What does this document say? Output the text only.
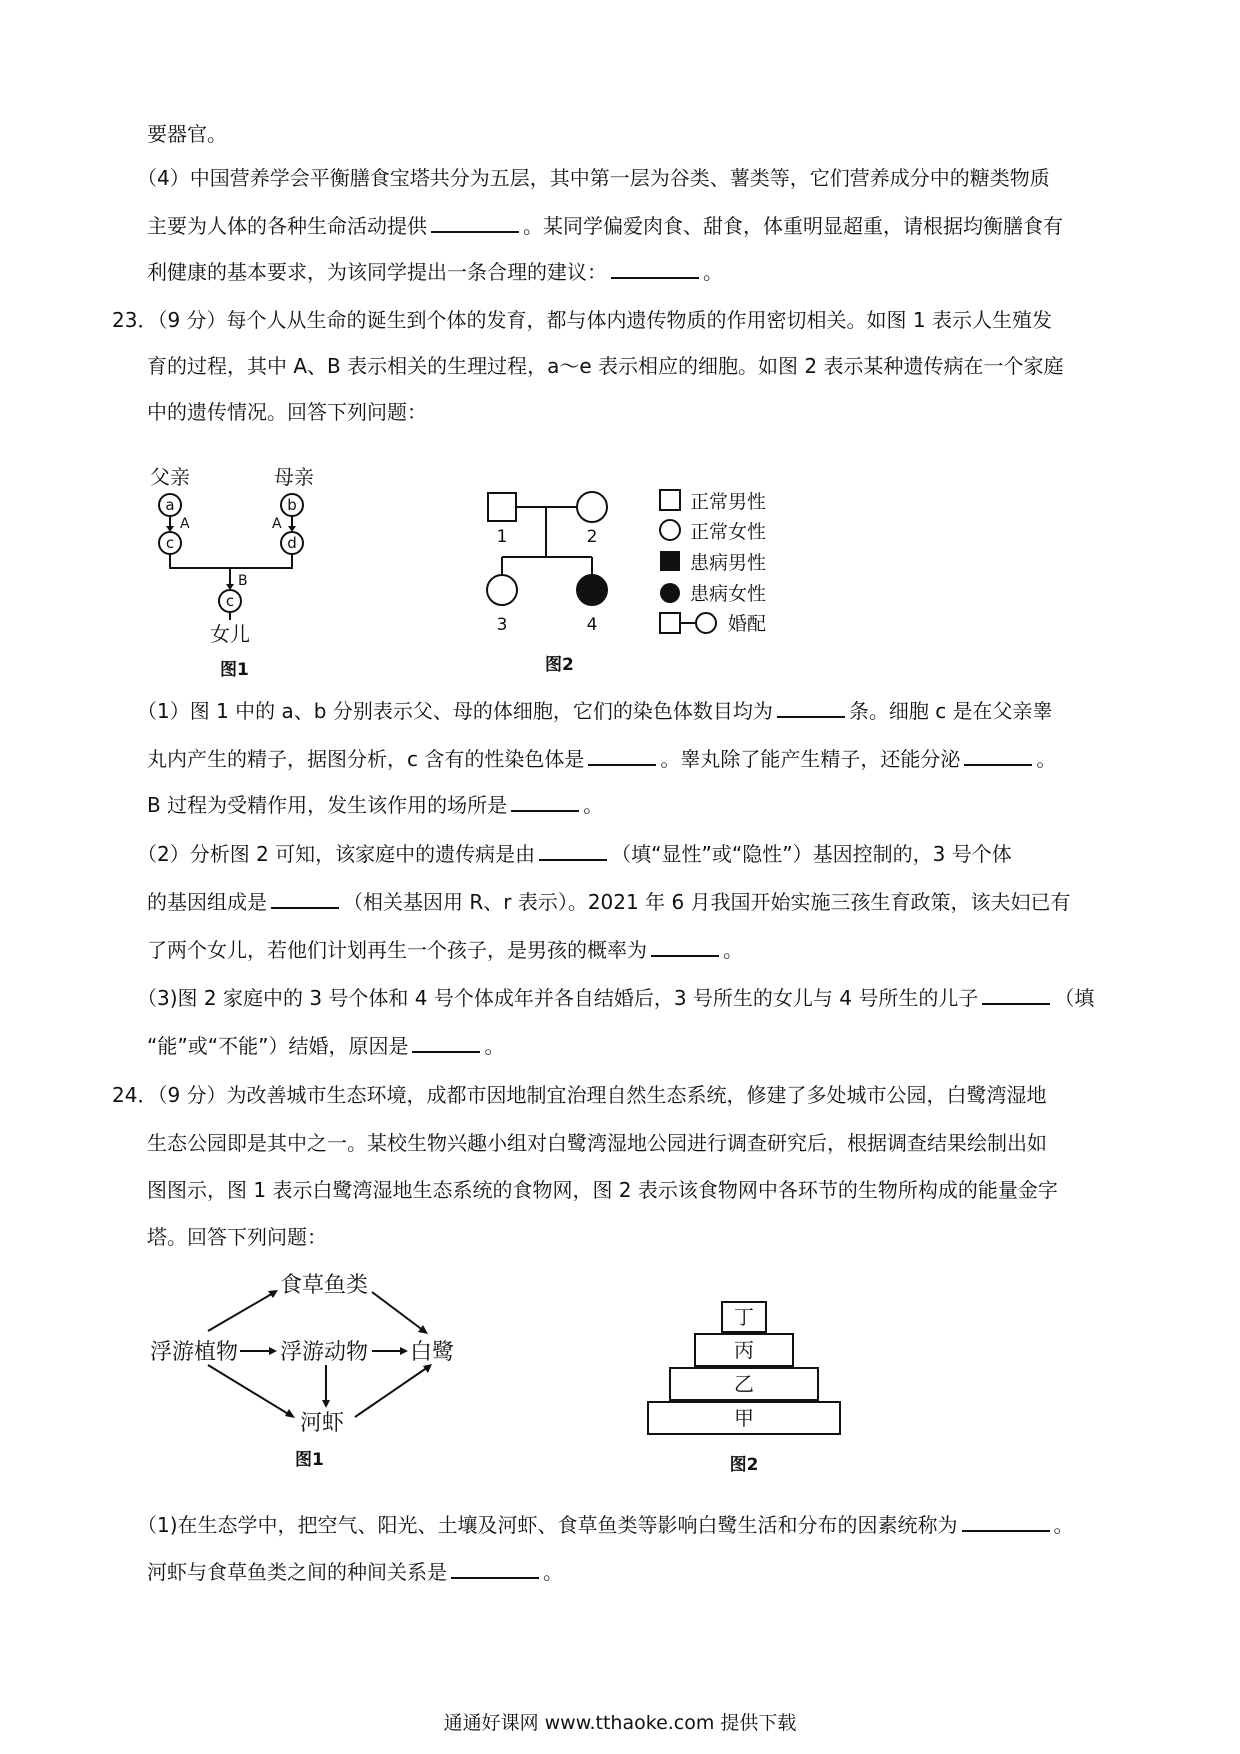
要器官。
（4）中国营养学会平衡膳食宝塔共分为五层，其中第一层为谷类、薯类等，它们营养成分中的糖类物质
主要为人体的各种生命活动提供	。某同学偏爱肉食、甜食，体重明显超重，请根据均衡膳食有
利健康的基本要求，为该同学提出一条合理的建议：	。
23．（9 分）每个人从生命的诞生到个体的发育，都与体内遗传物质的作用密切相关。如图 1 表示人生殖发
育的过程，其中 A、B 表示相关的生理过程，a～e 表示相应的细胞。如图 2 表示某种遗传病在一个家庭
中的遗传情况。回答下列问题：
父亲	母亲
a
A
c
b
A
d
B
c
女儿
图1
1	2
3	4
图2
正常男性
正常女性
患病男性
患病女性
婚配
（1）图 1 中的 a、b 分别表示父、母的体细胞，它们的染色体数目均为	条。细胞 c 是在父亲睾
丸内产生的精子，据图分析，c 含有的性染色体是	。睾丸除了能产生精子，还能分泌	。
B 过程为受精作用，发生该作用的场所是	。
（2）分析图 2 可知，该家庭中的遗传病是由	（填“显性”或“隐性”）基因控制的，3 号个体
的基因组成是	（相关基因用 R、r 表示）。2021 年 6 月我国开始实施三孩生育政策，该夫妇已有
了两个女儿，若他们计划再生一个孩子，是男孩的概率为	。
（3)图 2 家庭中的 3 号个体和 4 号个体成年并各自结婚后，3 号所生的女儿与 4 号所生的儿子	（填
“能”或“不能”）结婚，原因是	。
24．（9 分）为改善城市生态环境，成都市因地制宜治理自然生态系统，修建了多处城市公园，白鹭湾湿地
生态公园即是其中之一。某校生物兴趣小组对白鹭湾湿地公园进行调查研究后，根据调查结果绘制出如
图图示，图 1 表示白鹭湾湿地生态系统的食物网，图 2 表示该食物网中各环节的生物所构成的能量金字
塔。回答下列问题：
食草鱼类
浮游植物 浮游动物 白鹭
河虾
图1
丁
丙
乙
甲
图2
（1)在生态学中，把空气、阳光、土壤及河虾、食草鱼类等影响白鹭生活和分布的因素统称为	。
河虾与食草鱼类之间的种间关系是	。
通通好课网 www.tthaoke.com 提供下载
